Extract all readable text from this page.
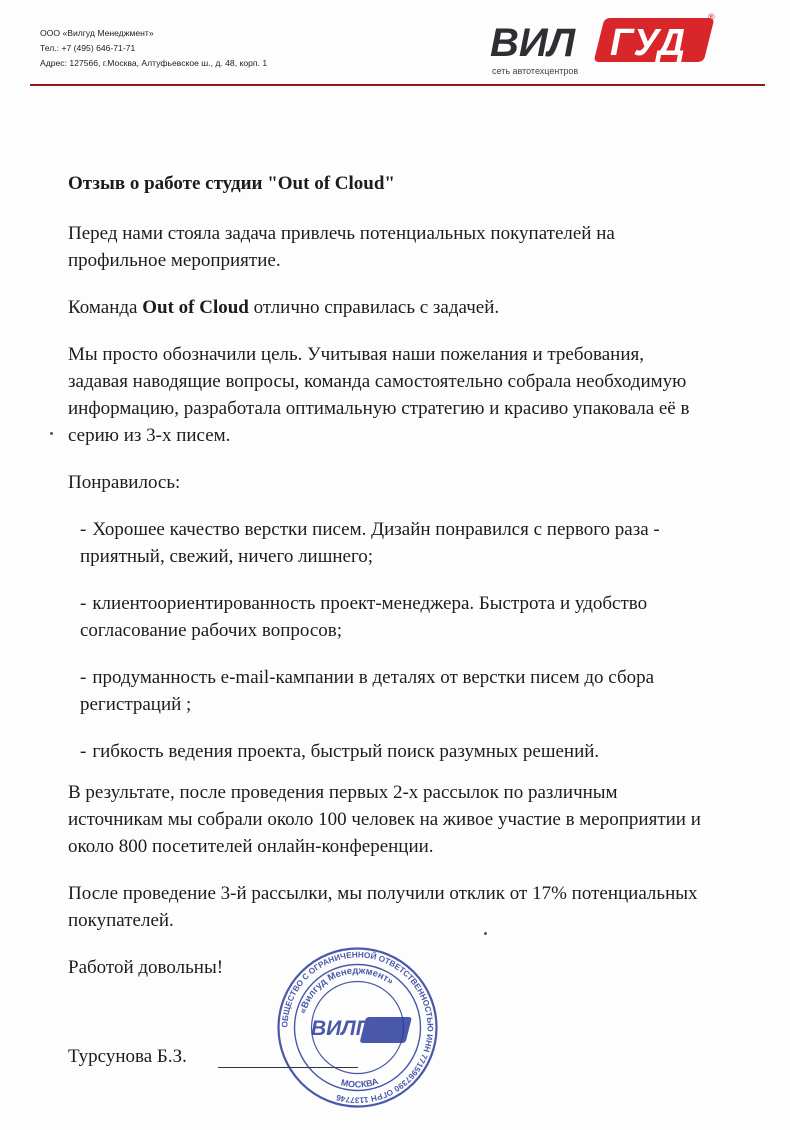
ООО «Вилгуд Менеджмент»
Тел.: +7 (495) 646-71-71
Адрес: 127566, г.Москва, Алтуфьевское ш., д. 48, корп. 1	ВИЛ ГУД
®
сеть автотехцентров

Отзыв о работе студии "Out of Cloud"

Перед нами стояла задача привлечь потенциальных покупателей на профильное мероприятие.

Команда Out of Cloud отлично справилась с задачей.

Мы просто обозначили цель. Учитывая наши пожелания и требования, задавая наводящие вопросы, команда самостоятельно собрала необходимую информацию, разработала оптимальную стратегию и красиво упаковала её в серию из 3-х писем.

Понравилось:

- Хорошее качество верстки писем. Дизайн понравился с первого раза - приятный, свежий, ничего лишнего;

- клиентоориентированность проект-менеджера. Быстрота и удобство согласование рабочих вопросов;

- продуманность e-mail-кампании в деталях от верстки писем до сбора регистраций ;

- гибкость ведения проекта, быстрый поиск разумных решений.

В результате, после проведения первых 2-х рассылок по различным источникам мы собрали около 100 человек на живое участие в мероприятии и около 800 посетителей онлайн-конференции.

После проведение 3-й рассылки, мы получили отклик от 17% потенциальных покупателей.

Работой довольны!

Турсунова Б.З.
ОБЩЕСТВО С ОГРАНИЧЕННОЙ ОТВЕТСТВЕННОСТЬЮ ИНН 7715967390 ОГРН 1137746
«Вилгуд Менеджмент»
МОСКВА
ВИЛГУД
